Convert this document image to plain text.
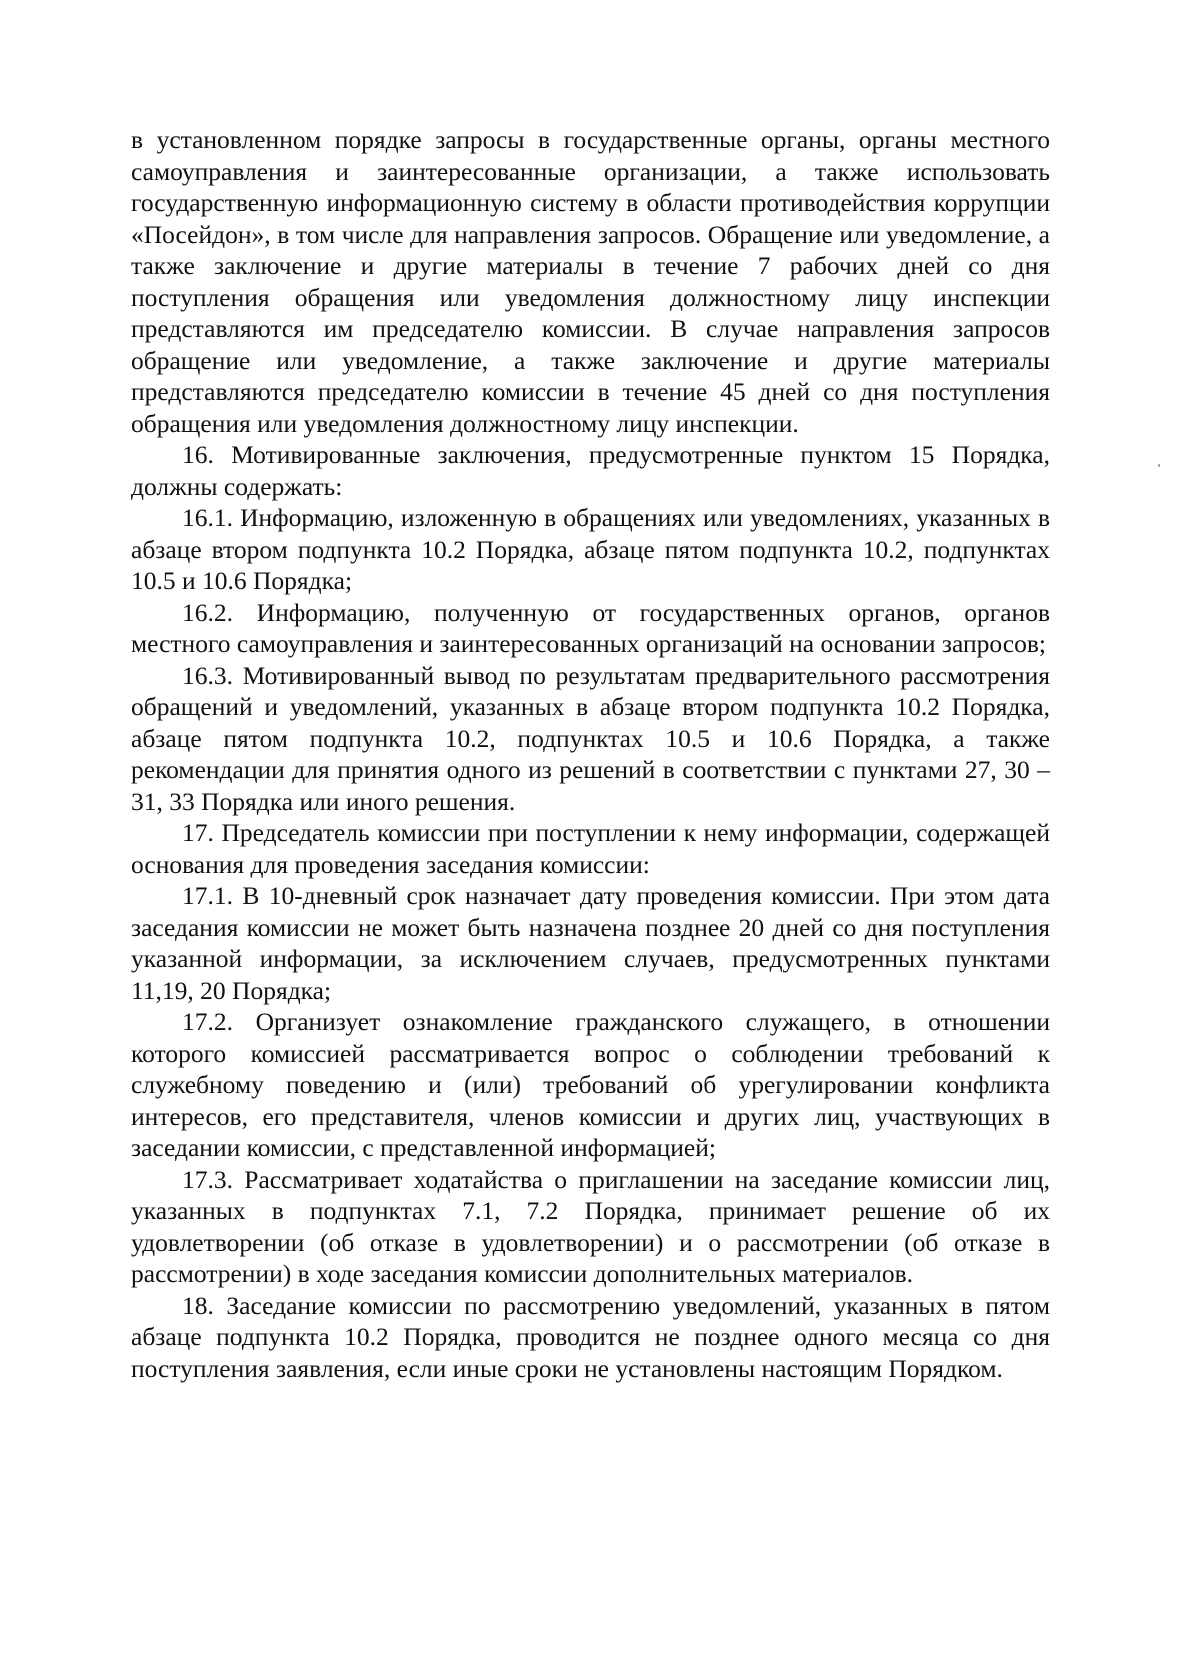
в установленном порядке запросы в государственные органы, органы местного самоуправления и заинтересованные организации, а также использовать государственную информационную систему в области противодействия коррупции «Посейдон», в том числе для направления запросов. Обращение или уведомление, а также заключение и другие материалы в течение 7 рабочих дней со дня поступления обращения или уведомления должностному лицу инспекции представляются им председателю комиссии. В случае направления запросов обращение или уведомление, а также заключение и другие материалы представляются председателю комиссии в течение 45 дней со дня поступления обращения или уведомления должностному лицу инспекции.

16. Мотивированные заключения, предусмотренные пунктом 15 Порядка, должны содержать:

16.1. Информацию, изложенную в обращениях или уведомлениях, указанных в абзаце втором подпункта 10.2 Порядка, абзаце пятом подпункта 10.2, подпунктах 10.5 и 10.6 Порядка;

16.2. Информацию, полученную от государственных органов, органов местного самоуправления и заинтересованных организаций на основании запросов;

16.3. Мотивированный вывод по результатам предварительного рассмотрения обращений и уведомлений, указанных в абзаце втором подпункта 10.2 Порядка, абзаце пятом подпункта 10.2, подпунктах 10.5 и 10.6 Порядка, а также рекомендации для принятия одного из решений в соответствии с пунктами 27, 30 – 31, 33 Порядка или иного решения.

17. Председатель комиссии при поступлении к нему информации, содержащей основания для проведения заседания комиссии:

17.1. В 10-дневный срок назначает дату проведения комиссии. При этом дата заседания комиссии не может быть назначена позднее 20 дней со дня поступления указанной информации, за исключением случаев, предусмотренных пунктами 11,19, 20 Порядка;

17.2. Организует ознакомление гражданского служащего, в отношении которого комиссией рассматривается вопрос о соблюдении требований к служебному поведению и (или) требований об урегулировании конфликта интересов, его представителя, членов комиссии и других лиц, участвующих в заседании комиссии, с представленной информацией;

17.3. Рассматривает ходатайства о приглашении на заседание комиссии лиц, указанных в подпунктах 7.1, 7.2 Порядка, принимает решение об их удовлетворении (об отказе в удовлетворении) и о рассмотрении (об отказе в рассмотрении) в ходе заседания комиссии дополнительных материалов.

18. Заседание комиссии по рассмотрению уведомлений, указанных в пятом абзаце подпункта 10.2 Порядка, проводится не позднее одного месяца со дня поступления заявления, если иные сроки не установлены настоящим Порядком.
